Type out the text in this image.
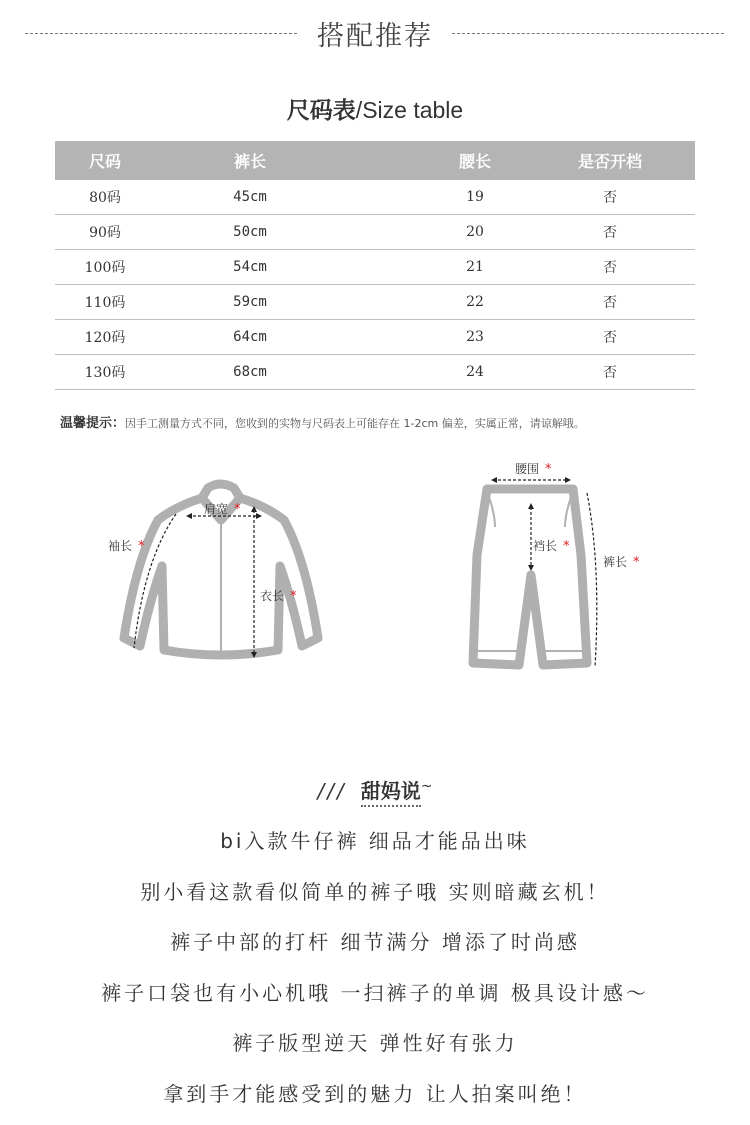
搭配推荐
尺码表/Size table
尺码	裤长	腰长	是否开档
80码	45cm	19	否
90码	50cm	20	否
100码	54cm	21	否
110码	59cm	22	否
120码	64cm	23	否
130码	68cm	24	否
温馨提示：因手工测量方式不同，您收到的实物与尺码表上可能存在 1-2cm 偏差，实属正常，请谅解哦。
肩宽 *
袖长 *
衣长 *
腰围 *
裆长 *
裤长 *
/// 甜妈说~
bi入款牛仔裤 细品才能品出味
别小看这款看似简单的裤子哦 实则暗藏玄机！
裤子中部的打杆 细节满分 增添了时尚感
裤子口袋也有小心机哦 一扫裤子的单调 极具设计感～
裤子版型逆天 弹性好有张力
拿到手才能感受到的魅力 让人拍案叫绝！
